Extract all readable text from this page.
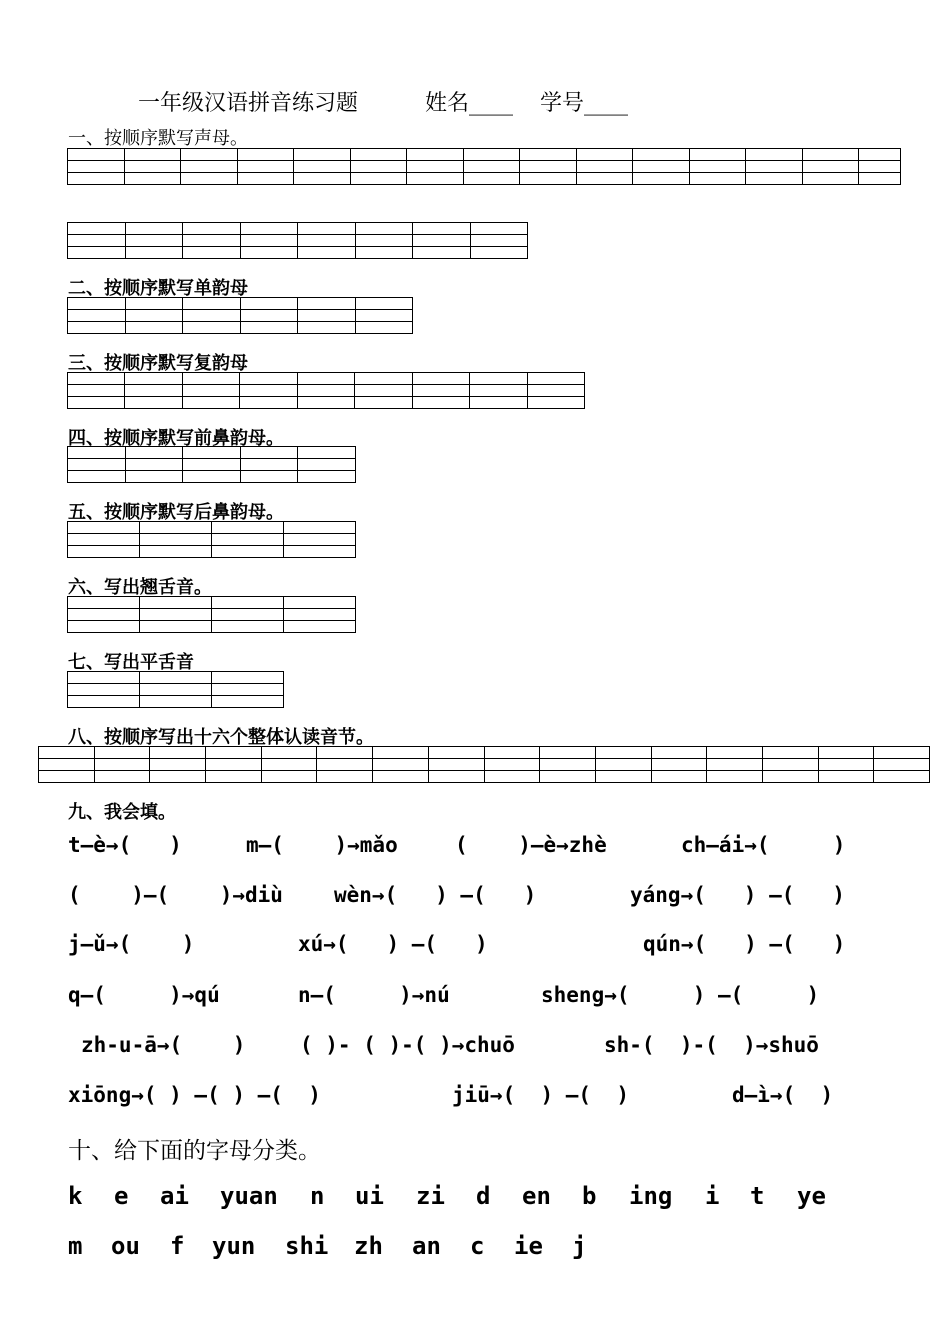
一年级汉语拼音练习题	姓名____ 学号____
一、按顺序默写声母。

二、按顺序默写单韵母

三、按顺序默写复韵母

四、按顺序默写前鼻韵母。

五、按顺序默写后鼻韵母。

六、写出翘舌音。

七、写出平舌音

八、按顺序写出十六个整体认读音节。

九、我会填。
t—è→(   )	m—(    )→mǎo	(    )—è→zhè	ch—ái→(     )
(    )—(    )→diù wèn→(   ) —(   )	yáng→(   ) —(   )
j—ǔ→(    )	xú→(   ) —(   )	qún→(   ) —(   )
q—(     )→qú	n—(     )→nú	sheng→(     ) —(     )
zh-u-ā→(    )	( )- ( )-( )→chuō	sh-(  )-(  )→shuō
xiōng→( ) —( ) —(  )	jiū→(  ) —(  )	d—ì→(  )
十、给下面的字母分类。
k e ai yuan n ui zi d en b ing i t ye
m ou f yun shi zh an c ie j
